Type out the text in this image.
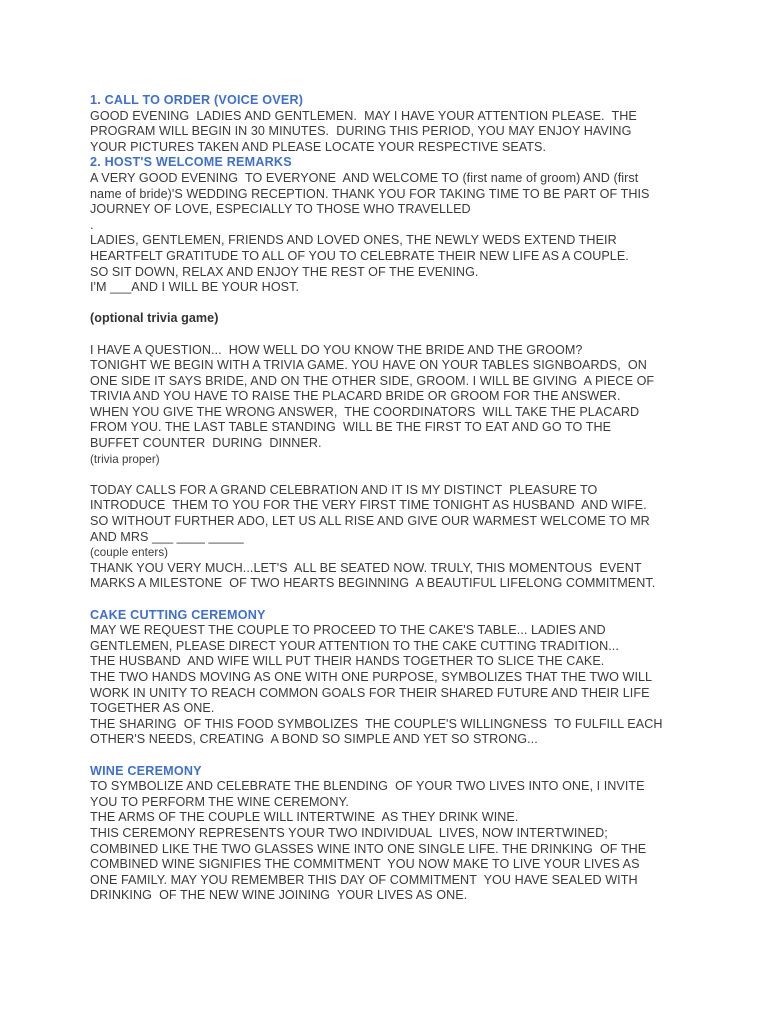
1. CALL TO ORDER (VOICE OVER)

GOOD EVENING  LADIES AND GENTLEMEN.  MAY I HAVE YOUR ATTENTION PLEASE.  THE

PROGRAM WILL BEGIN IN 30 MINUTES.  DURING THIS PERIOD, YOU MAY ENJOY HAVING

YOUR PICTURES TAKEN AND PLEASE LOCATE YOUR RESPECTIVE SEATS.

2. HOST'S WELCOME REMARKS

A VERY GOOD EVENING  TO EVERYONE  AND WELCOME TO (first name of groom) AND (first

name of bride)'S WEDDING RECEPTION. THANK YOU FOR TAKING TIME TO BE PART OF THIS

JOURNEY OF LOVE, ESPECIALLY TO THOSE WHO TRAVELLED

.

LADIES, GENTLEMEN, FRIENDS AND LOVED ONES, THE NEWLY WEDS EXTEND THEIR

HEARTFELT GRATITUDE TO ALL OF YOU TO CELEBRATE THEIR NEW LIFE AS A COUPLE.

SO SIT DOWN, RELAX AND ENJOY THE REST OF THE EVENING.

I'M ___AND I WILL BE YOUR HOST.

(optional trivia game)

I HAVE A QUESTION...  HOW WELL DO YOU KNOW THE BRIDE AND THE GROOM?

TONIGHT WE BEGIN WITH A TRIVIA GAME. YOU HAVE ON YOUR TABLES SIGNBOARDS,  ON

ONE SIDE IT SAYS BRIDE, AND ON THE OTHER SIDE, GROOM. I WILL BE GIVING  A PIECE OF

TRIVIA AND YOU HAVE TO RAISE THE PLACARD BRIDE OR GROOM FOR THE ANSWER.

WHEN YOU GIVE THE WRONG ANSWER,  THE COORDINATORS  WILL TAKE THE PLACARD

FROM YOU. THE LAST TABLE STANDING  WILL BE THE FIRST TO EAT AND GO TO THE

BUFFET COUNTER  DURING  DINNER.

(trivia proper)

TODAY CALLS FOR A GRAND CELEBRATION AND IT IS MY DISTINCT  PLEASURE TO

INTRODUCE  THEM TO YOU FOR THE VERY FIRST TIME TONIGHT AS HUSBAND  AND WIFE.

SO WITHOUT FURTHER ADO, LET US ALL RISE AND GIVE OUR WARMEST WELCOME TO MR

AND MRS ___ ____ _____

(couple enters)

THANK YOU VERY MUCH...LET'S  ALL BE SEATED NOW. TRULY, THIS MOMENTOUS  EVENT

MARKS A MILESTONE  OF TWO HEARTS BEGINNING  A BEAUTIFUL LIFELONG COMMITMENT.

CAKE CUTTING CEREMONY

MAY WE REQUEST THE COUPLE TO PROCEED TO THE CAKE'S TABLE... LADIES AND

GENTLEMEN, PLEASE DIRECT YOUR ATTENTION TO THE CAKE CUTTING TRADITION...

THE HUSBAND  AND WIFE WILL PUT THEIR HANDS TOGETHER TO SLICE THE CAKE.

THE TWO HANDS MOVING AS ONE WITH ONE PURPOSE, SYMBOLIZES THAT THE TWO WILL

WORK IN UNITY TO REACH COMMON GOALS FOR THEIR SHARED FUTURE AND THEIR LIFE

TOGETHER AS ONE.

THE SHARING  OF THIS FOOD SYMBOLIZES  THE COUPLE'S WILLINGNESS  TO FULFILL EACH

OTHER'S NEEDS, CREATING  A BOND SO SIMPLE AND YET SO STRONG...

WINE CEREMONY

TO SYMBOLIZE AND CELEBRATE THE BLENDING  OF YOUR TWO LIVES INTO ONE, I INVITE

YOU TO PERFORM THE WINE CEREMONY.

THE ARMS OF THE COUPLE WILL INTERTWINE  AS THEY DRINK WINE.

THIS CEREMONY REPRESENTS YOUR TWO INDIVIDUAL  LIVES, NOW INTERTWINED;

COMBINED LIKE THE TWO GLASSES WINE INTO ONE SINGLE LIFE. THE DRINKING  OF THE

COMBINED WINE SIGNIFIES THE COMMITMENT  YOU NOW MAKE TO LIVE YOUR LIVES AS

ONE FAMILY. MAY YOU REMEMBER THIS DAY OF COMMITMENT  YOU HAVE SEALED WITH

DRINKING  OF THE NEW WINE JOINING  YOUR LIVES AS ONE.
